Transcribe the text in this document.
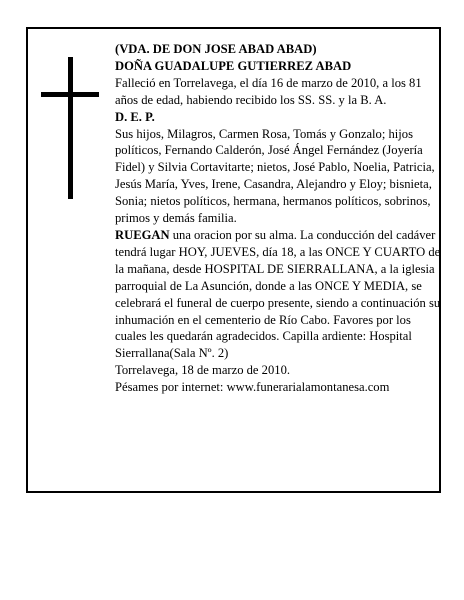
(VDA. DE DON JOSE ABAD ABAD)

DOÑA GUADALUPE GUTIERREZ ABAD

Falleció en Torrelavega, el día 16 de marzo de 2010, a los 81 años de edad, habiendo recibido los SS. SS. y la B. A.

D. E. P.

Sus hijos, Milagros, Carmen Rosa, Tomás y Gonzalo; hijos políticos, Fernando Calderón, José Ángel Fernández (Joyería Fidel) y Silvia Cortavitarte; nietos, José Pablo, Noelia, Patricia, Jesús María, Yves, Irene, Casandra, Alejandro y Eloy; bisnieta, Sonia; nietos políticos, hermana, hermanos políticos, sobrinos, primos y demás familia.

RUEGAN una oracion por su alma. La conducción del cadáver tendrá lugar HOY, JUEVES, día 18, a las ONCE Y CUARTO de la mañana, desde HOSPITAL DE SIERRALLANA, a la iglesia parroquial de La Asunción, donde a las ONCE Y MEDIA, se celebrará el funeral de cuerpo presente, siendo a continuación su inhumación en el cementerio de Río Cabo. Favores por los cuales les quedarán agradecidos. Capilla ardiente: Hospital Sierrallana(Sala Nº. 2)

Torrelavega, 18 de marzo de 2010.

Pésames por internet: www.funerarialamontanesa.com
